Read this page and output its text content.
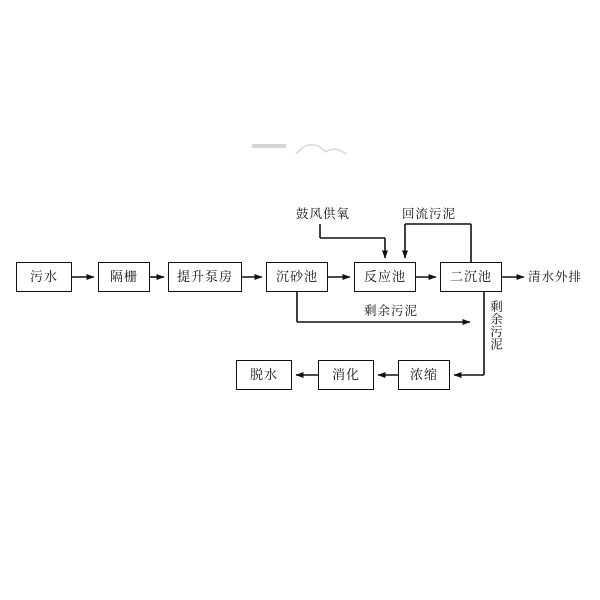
污水	隔栅	提升泵房	沉砂池	反应池	二沉池
浓缩
消化
脱水
鼓风供氧	回流污泥
清水外排
剩余污泥	剩余污泥
